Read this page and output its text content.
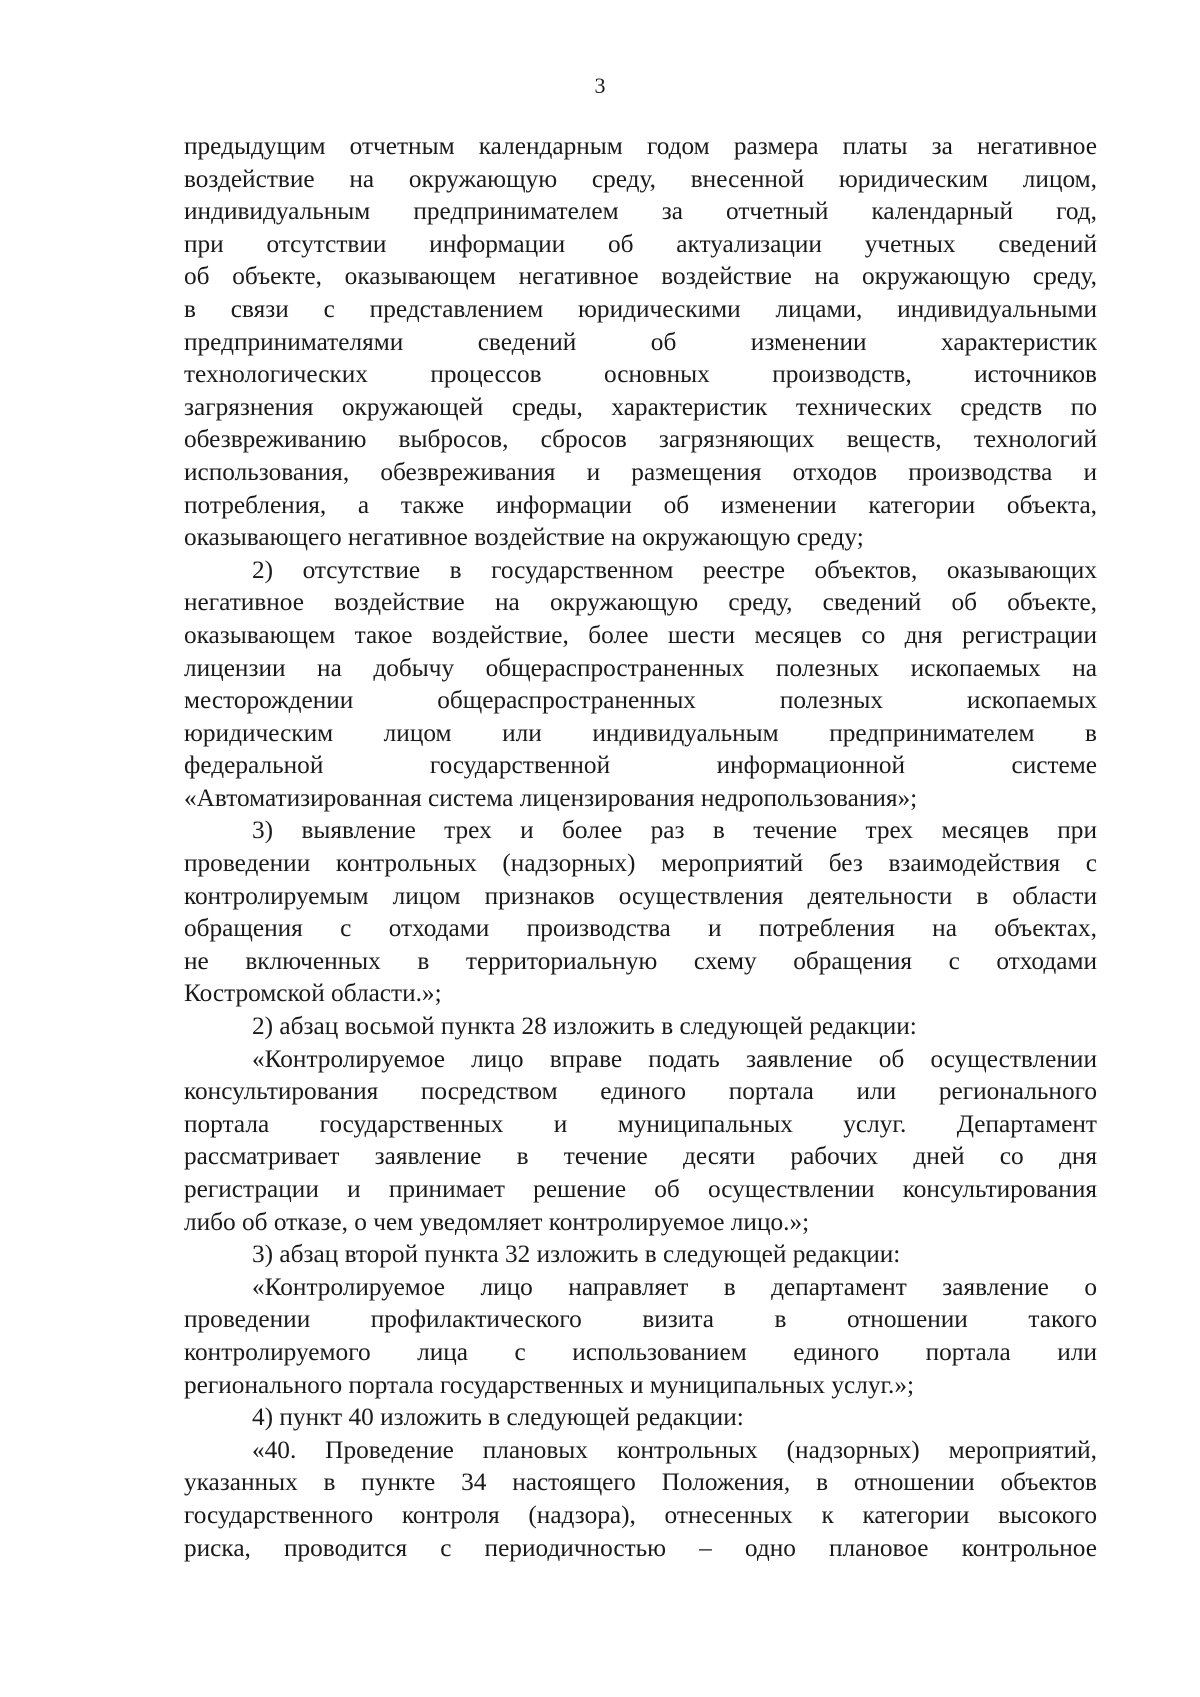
3

предыдущим отчетным календарным годом размера платы за негативное

воздействие на окружающую среду, внесенной юридическим лицом,

индивидуальным предпринимателем за отчетный календарный год,

при отсутствии информации об актуализации учетных сведений

об объекте, оказывающем негативное воздействие на окружающую среду,

в связи с представлением юридическими лицами, индивидуальными

предпринимателями сведений об изменении характеристик

технологических процессов основных производств, источников

загрязнения окружающей среды, характеристик технических средств по

обезвреживанию выбросов, сбросов загрязняющих веществ, технологий

использования, обезвреживания и размещения отходов производства и

потребления, а также информации об изменении категории объекта,

оказывающего негативное воздействие на окружающую среду;

2) отсутствие в государственном реестре объектов, оказывающих

негативное воздействие на окружающую среду, сведений об объекте,

оказывающем такое воздействие, более шести месяцев со дня регистрации

лицензии на добычу общераспространенных полезных ископаемых на

месторождении общераспространенных полезных ископаемых

юридическим лицом или индивидуальным предпринимателем в

федеральной государственной информационной системе

«Автоматизированная система лицензирования недропользования»;

3) выявление трех и более раз в течение трех месяцев при

проведении контрольных (надзорных) мероприятий без взаимодействия с

контролируемым лицом признаков осуществления деятельности в области

обращения с отходами производства и потребления на объектах,

не включенных в территориальную схему обращения с отходами

Костромской области.»;

2) абзац восьмой пункта 28 изложить в следующей редакции:

«Контролируемое лицо вправе подать заявление об осуществлении

консультирования посредством единого портала или регионального

портала государственных и муниципальных услуг. Департамент

рассматривает заявление в течение десяти рабочих дней со дня

регистрации и принимает решение об осуществлении консультирования

либо об отказе, о чем уведомляет контролируемое лицо.»;

3) абзац второй пункта 32 изложить в следующей редакции:

«Контролируемое лицо направляет в департамент заявление о

проведении профилактического визита в отношении такого

контролируемого лица с использованием единого портала или

регионального портала государственных и муниципальных услуг.»;

4) пункт 40 изложить в следующей редакции:

«40. Проведение плановых контрольных (надзорных) мероприятий,

указанных в пункте 34 настоящего Положения, в отношении объектов

государственного контроля (надзора), отнесенных к категории высокого

риска, проводится с периодичностью – одно плановое контрольное
